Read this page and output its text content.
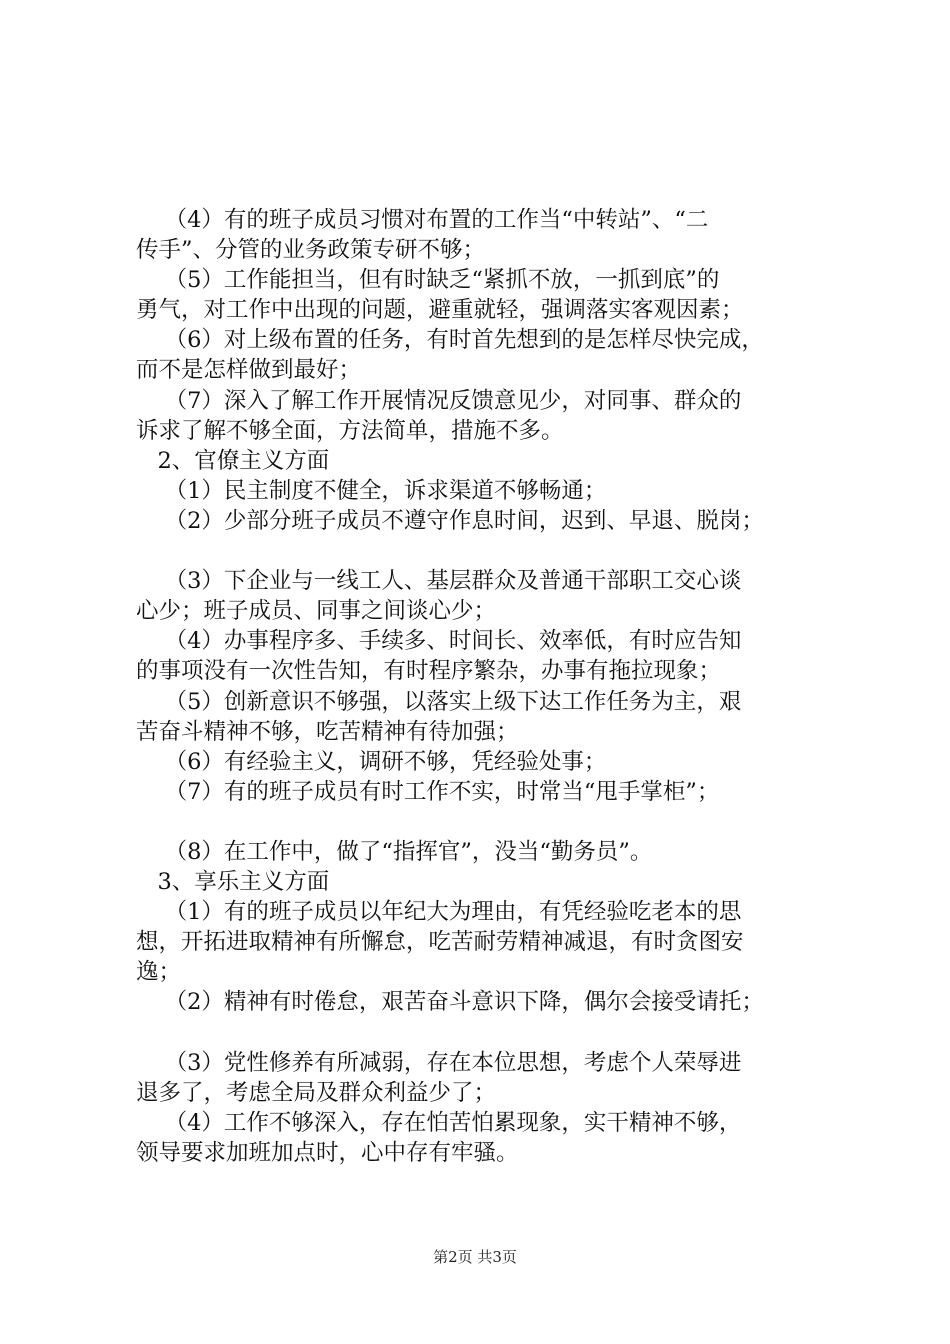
（4）有的班子成员习惯对布置的工作当“中转站”、“二
传手”、分管的业务政策专研不够；
（5）工作能担当，但有时缺乏“紧抓不放，一抓到底”的
勇气，对工作中出现的问题，避重就轻，强调落实客观因素；
（6）对上级布置的任务，有时首先想到的是怎样尽快完成，
而不是怎样做到最好；
（7）深入了解工作开展情况反馈意见少，对同事、群众的
诉求了解不够全面，方法简单，措施不多。
2、官僚主义方面
（1）民主制度不健全，诉求渠道不够畅通；
（2）少部分班子成员不遵守作息时间，迟到、早退、脱岗；
（3）下企业与一线工人、基层群众及普通干部职工交心谈
心少；班子成员、同事之间谈心少；
（4）办事程序多、手续多、时间长、效率低，有时应告知
的事项没有一次性告知，有时程序繁杂，办事有拖拉现象；
（5）创新意识不够强，以落实上级下达工作任务为主，艰
苦奋斗精神不够，吃苦精神有待加强；
（6）有经验主义，调研不够，凭经验处事；
（7）有的班子成员有时工作不实，时常当“甩手掌柜”；
（8）在工作中，做了“指挥官”，没当“勤务员”。
3、享乐主义方面
（1）有的班子成员以年纪大为理由，有凭经验吃老本的思
想，开拓进取精神有所懈怠，吃苦耐劳精神减退，有时贪图安
逸；
（2）精神有时倦怠，艰苦奋斗意识下降，偶尔会接受请托；
（3）党性修养有所减弱，存在本位思想，考虑个人荣辱进
退多了，考虑全局及群众利益少了；
（4）工作不够深入，存在怕苦怕累现象，实干精神不够，
领导要求加班加点时，心中存有牢骚。
第2页 共3页
